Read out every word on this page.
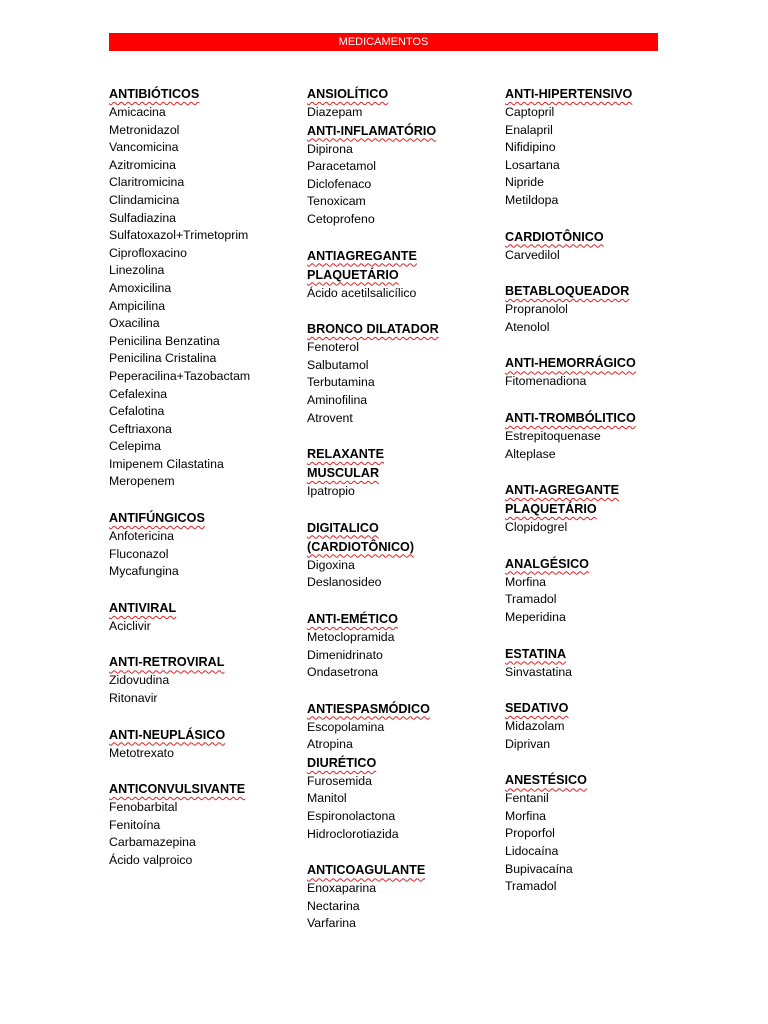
MEDICAMENTOS
ANTIBIÓTICOS
Amicacina
Metronidazol
Vancomicina
Azitromicina
Claritromicina
Clindamicina
Sulfadiazina
Sulfatoxazol+Trimetoprim
Ciprofloxacino
Linezolina
Amoxicilina
Ampicilina
Oxacilina
Penicilina Benzatina
Penicilina Cristalina
Peperacilina+Tazobactam
Cefalexina
Cefalotina
Ceftriaxona
Celepima
Imipenem Cilastatina
Meropenem
ANTIFÚNGICOS
Anfotericina
Fluconazol
Mycafungina
ANTIVIRAL
Aciclivir
ANTI-RETROVIRAL
Zidovudina
Ritonavir
ANTI-NEUPLÁSICO
Metotrexato
ANTICONVULSIVANTE
Fenobarbital
Fenitoína
Carbamazepina
Ácido valproico
ANSIOLÍTICO
Diazepam
ANTI-INFLAMATÓRIO
Dipirona
Paracetamol
Diclofenaco
Tenoxicam
Cetoprofeno
ANTIAGREGANTE PLAQUETÁRIO
Ácido acetilsalicílico
BRONCO DILATADOR
Fenoterol
Salbutamol
Terbutamina
Aminofilina
Atrovent
RELAXANTE MUSCULAR
Ipatropio
DIGITALICO (CARDIOTÔNICO)
Digoxina
Deslanosideo
ANTI-EMÉTICO
Metoclopramida
Dimenidrinato
Ondasetrona
ANTIESPASMÓDICO
Escopolamina
Atropina
DIURÉTICO
Furosemida
Manitol
Espironolactona
Hidroclorotiazida
ANTICOAGULANTE
Enoxaparina
Nectarina
Varfarina
ANTI-HIPERTENSIVO
Captopril
Enalapril
Nifidipino
Losartana
Nipride
Metildopa
CARDIOTÔNICO
Carvedilol
BETABLOQUEADOR
Propranolol
Atenolol
ANTI-HEMORRÁGICO
Fitomenadiona
ANTI-TROMBÓLITICO
Estrepitoquenase
Alteplase
ANTI-AGREGANTE PLAQUETÁRIO
Clopidogrel
ANALGÉSICO
Morfina
Tramadol
Meperidina
ESTATINA
Sinvastatina
SEDATIVO
Midazolam
Diprivan
ANESTÉSICO
Fentanil
Morfina
Proporfol
Lidocaína
Bupivacaína
Tramadol
